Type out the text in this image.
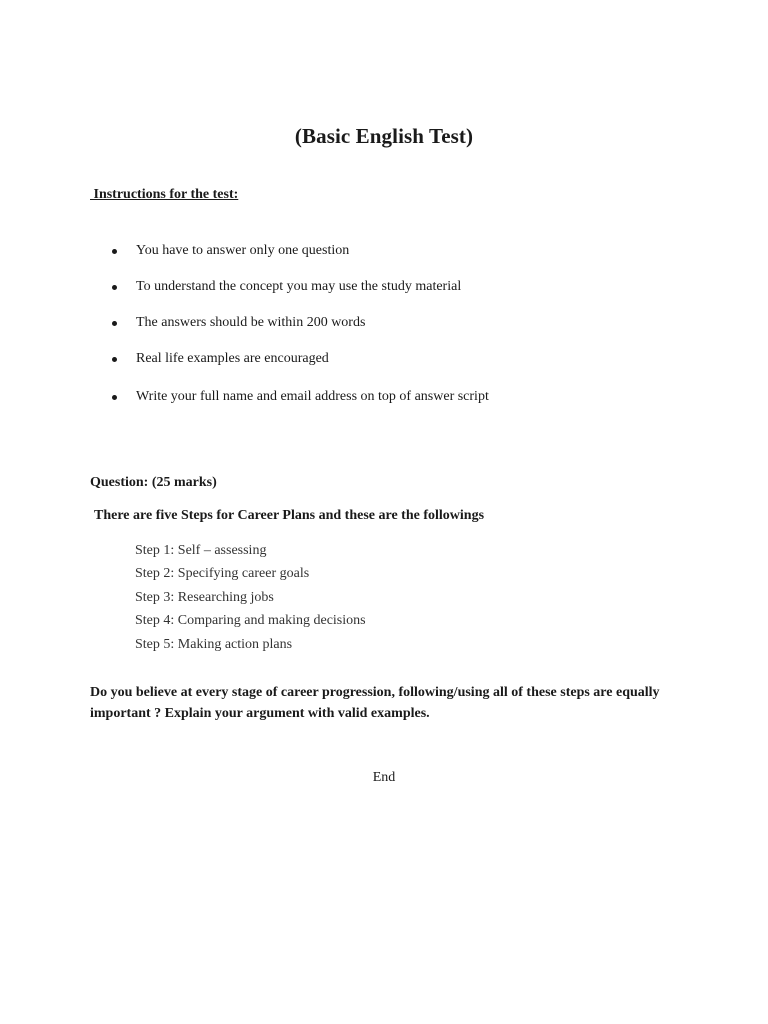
(Basic English Test)
Instructions for the test:
You have to answer only one question
To understand the concept you may use the study material
The answers should be within 200 words
Real life examples are encouraged
Write your full name and email address on top of answer script
Question: (25 marks)
There are five Steps for Career Plans and these are the followings
Step 1: Self – assessing
Step 2: Specifying career goals
Step 3: Researching jobs
Step 4: Comparing and making decisions
Step 5: Making action plans
Do you believe at every stage of career progression, following/using all of these steps are equally important ? Explain your argument with valid examples.
End
